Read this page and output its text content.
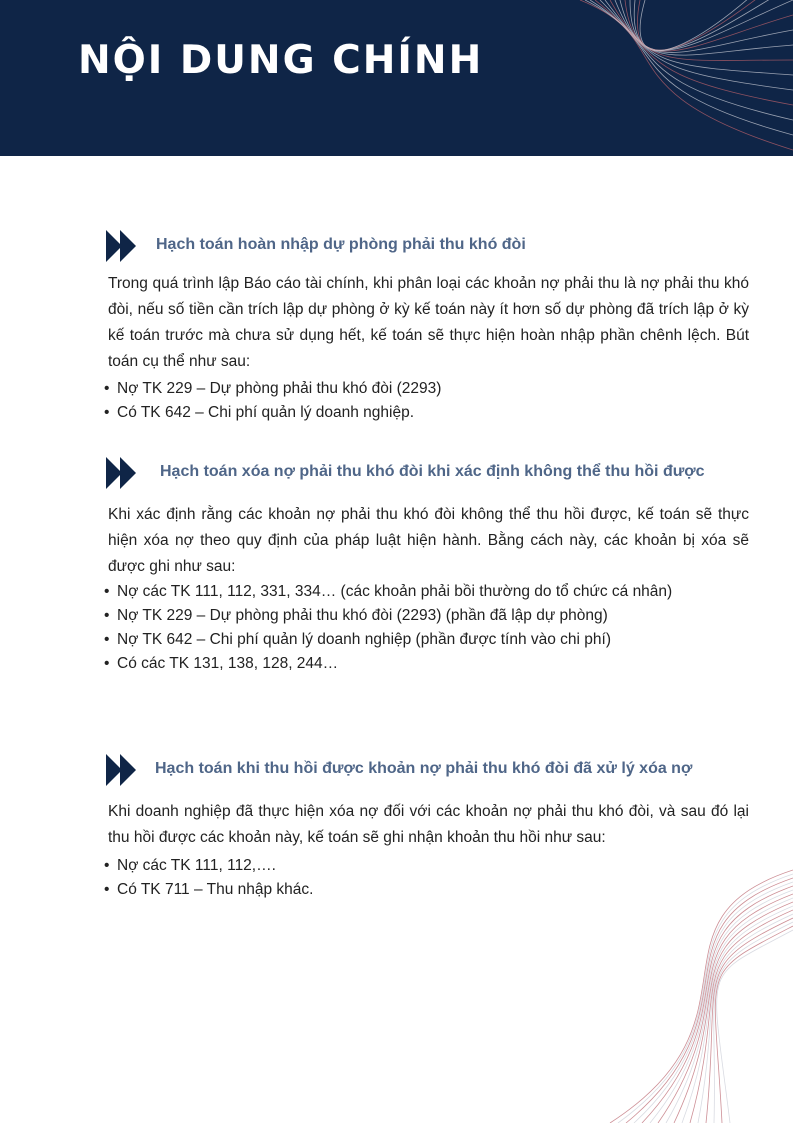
NỘI DUNG CHÍNH
Hạch toán hoàn nhập dự phòng phải thu khó đòi

Trong quá trình lập Báo cáo tài chính, khi phân loại các khoản nợ phải thu là nợ phải thu khó đòi, nếu số tiền cần trích lập dự phòng ở kỳ kế toán này ít hơn số dự phòng đã trích lập ở kỳ kế toán trước mà chưa sử dụng hết, kế toán sẽ thực hiện hoàn nhập phần chênh lệch. Bút toán cụ thể như sau:

• Nợ TK 229 – Dự phòng phải thu khó đòi (2293)
• Có TK 642 – Chi phí quản lý doanh nghiệp.
Hạch toán xóa nợ phải thu khó đòi khi xác định không thể thu hồi được

Khi xác định rằng các khoản nợ phải thu khó đòi không thể thu hồi được, kế toán sẽ thực hiện xóa nợ theo quy định của pháp luật hiện hành. Bằng cách này, các khoản bị xóa sẽ được ghi như sau:

• Nợ các TK 111, 112, 331, 334… (các khoản phải bồi thường do tổ chức cá nhân)
• Nợ TK 229 – Dự phòng phải thu khó đòi (2293) (phần đã lập dự phòng)
• Nợ TK 642 – Chi phí quản lý doanh nghiệp (phần được tính vào chi phí)
• Có các TK 131, 138, 128, 244…
Hạch toán khi thu hồi được khoản nợ phải thu khó đòi đã xử lý xóa nợ

Khi doanh nghiệp đã thực hiện xóa nợ đối với các khoản nợ phải thu khó đòi, và sau đó lại thu hồi được các khoản này, kế toán sẽ ghi nhận khoản thu hồi như sau:

• Nợ các TK 111, 112,….
• Có TK 711 – Thu nhập khác.
